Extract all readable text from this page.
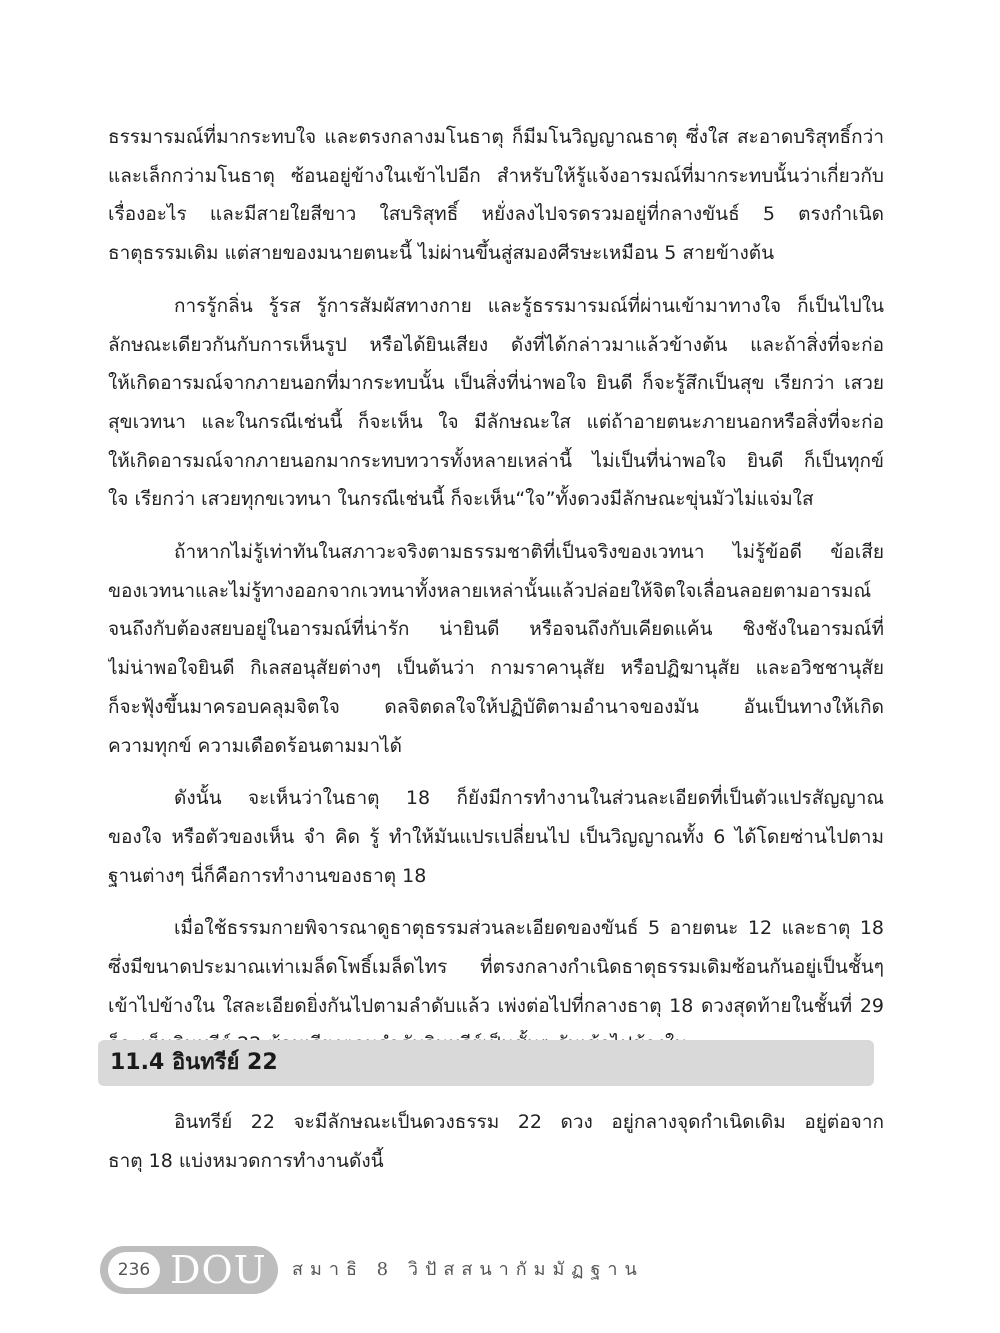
ธรรมารมณ์ที่มากระทบใจ และตรงกลางมโนธาตุ ก็มีมโนวิญญาณธาตุ ซึ่งใส สะอาดบริสุทธิ์กว่า
และเล็กกว่ามโนธาตุ ซ้อนอยู่ข้างในเข้าไปอีก สำหรับให้รู้แจ้งอารมณ์ที่มากระทบนั้นว่าเกี่ยวกับ
เรื่องอะไร และมีสายใยสีขาว ใสบริสุทธิ์ หยั่งลงไปจรดรวมอยู่ที่กลางขันธ์ 5 ตรงกำเนิด
ธาตุธรรมเดิม แต่สายของมนายตนะนี้ ไม่ผ่านขึ้นสู่สมองศีรษะเหมือน 5 สายข้างต้น

การรู้กลิ่น รู้รส รู้การสัมผัสทางกาย และรู้ธรรมารมณ์ที่ผ่านเข้ามาทางใจ ก็เป็นไปใน
ลักษณะเดียวกันกับการเห็นรูป หรือได้ยินเสียง ดังที่ได้กล่าวมาแล้วข้างต้น และถ้าสิ่งที่จะก่อ
ให้เกิดอารมณ์จากภายนอกที่มากระทบนั้น เป็นสิ่งที่น่าพอใจ ยินดี ก็จะรู้สึกเป็นสุข เรียกว่า เสวย
สุขเวทนา และในกรณีเช่นนี้ ก็จะเห็น ใจ มีลักษณะใส แต่ถ้าอายตนะภายนอกหรือสิ่งที่จะก่อ
ให้เกิดอารมณ์จากภายนอกมากระทบทวารทั้งหลายเหล่านี้ ไม่เป็นที่น่าพอใจ ยินดี ก็เป็นทุกข์
ใจ เรียกว่า เสวยทุกขเวทนา ในกรณีเช่นนี้ ก็จะเห็น“ใจ”ทั้งดวงมีลักษณะขุ่นมัวไม่แจ่มใส

ถ้าหากไม่รู้เท่าทันในสภาวะจริงตามธรรมชาติที่เป็นจริงของเวทนา ไม่รู้ข้อดี ข้อเสีย
ของเวทนาและไม่รู้ทางออกจากเวทนาทั้งหลายเหล่านั้นแล้วปล่อยให้จิตใจเลื่อนลอยตามอารมณ์
จนถึงกับต้องสยบอยู่ในอารมณ์ที่น่ารัก น่ายินดี หรือจนถึงกับเคียดแค้น ชิงชังในอารมณ์ที่
ไม่น่าพอใจยินดี กิเลสอนุสัยต่างๆ เป็นต้นว่า กามราคานุสัย หรือปฏิฆานุสัย และอวิชชานุสัย
ก็จะฟุ้งขึ้นมาครอบคลุมจิตใจ ดลจิตดลใจให้ปฏิบัติตามอำนาจของมัน อันเป็นทางให้เกิด
ความทุกข์ ความเดือดร้อนตามมาได้

ดังนั้น จะเห็นว่าในธาตุ 18 ก็ยังมีการทำงานในส่วนละเอียดที่เป็นตัวแปรสัญญาณ
ของใจ หรือตัวของเห็น จำ คิด รู้ ทำให้มันแปรเปลี่ยนไป เป็นวิญญาณทั้ง 6 ได้โดยซ่านไปตาม
ฐานต่างๆ นี่ก็คือการทำงานของธาตุ 18

เมื่อใช้ธรรมกายพิจารณาดูธาตุธรรมส่วนละเอียดของขันธ์ 5 อายตนะ 12 และธาตุ 18
ซึ่งมีขนาดประมาณเท่าเมล็ดโพธิ์เมล็ดไทร ที่ตรงกลางกำเนิดธาตุธรรมเดิมซ้อนกันอยู่เป็นชั้นๆ
เข้าไปข้างใน ใสละเอียดยิ่งกันไปตามลำดับแล้ว เพ่งต่อไปที่กลางธาตุ 18 ดวงสุดท้ายในชั้นที่ 29

11.4 อินทรีย์ 22
อินทรีย์ 22 จะมีลักษณะเป็นดวงธรรม 22 ดวง อยู่กลางจุดกำเนิดเดิม อยู่ต่อจาก
ธาตุ 18 แบ่งหมวดการทำงานดังนี้
236 DOU สมาธิ 8 วิปัสสนากัมมัฏฐาน
